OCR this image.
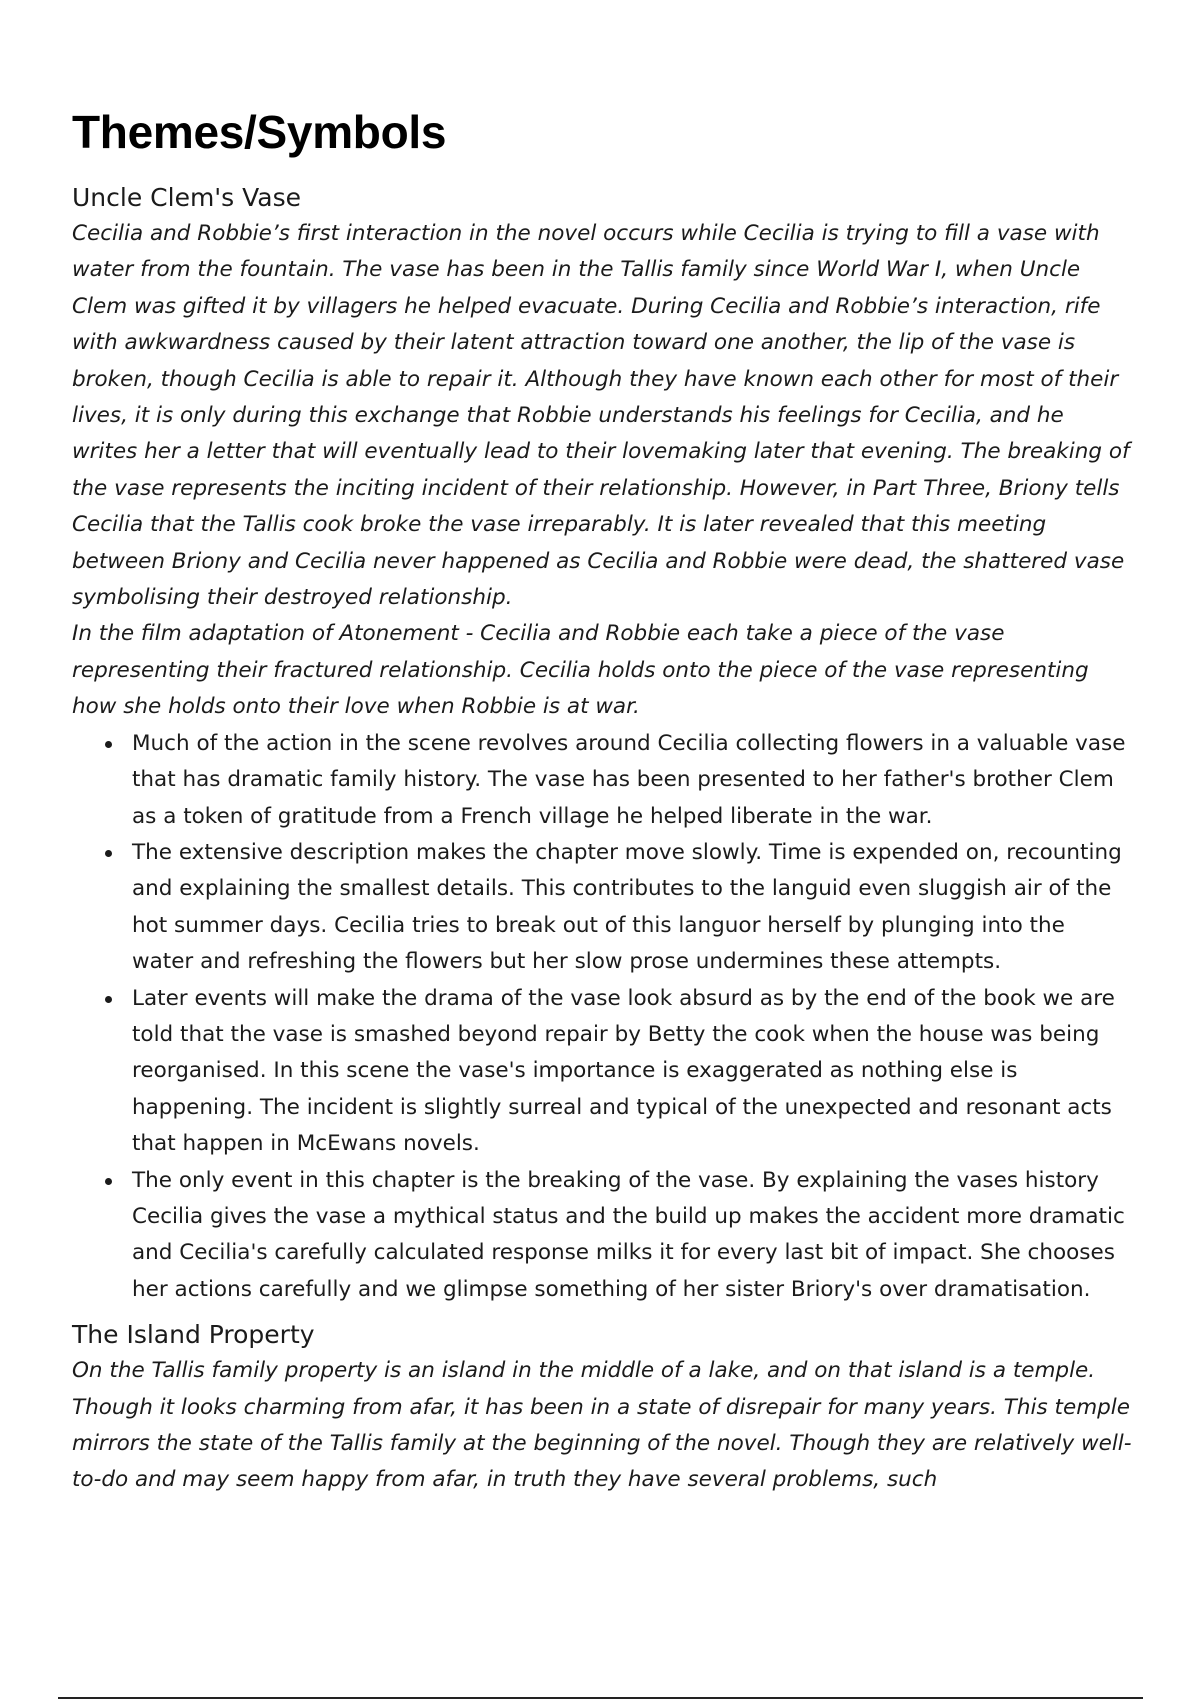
Themes/Symbols
Uncle Clem's Vase

Cecilia and Robbie’s first interaction in the novel occurs while Cecilia is trying to fill a vase with water from the fountain. The vase has been in the Tallis family since World War I, when Uncle Clem was gifted it by villagers he helped evacuate. During Cecilia and Robbie’s interaction, rife with awkwardness caused by their latent attraction toward one another, the lip of the vase is broken, though Cecilia is able to repair it. Although they have known each other for most of their lives, it is only during this exchange that Robbie understands his feelings for Cecilia, and he writes her a letter that will eventually lead to their lovemaking later that evening. The breaking of the vase represents the inciting incident of their relationship. However, in Part Three, Briony tells Cecilia that the Tallis cook broke the vase irreparably. It is later revealed that this meeting between Briony and Cecilia never happened as Cecilia and Robbie were dead, the shattered vase symbolising their destroyed relationship.

In the film adaptation of Atonement - Cecilia and Robbie each take a piece of the vase representing their fractured relationship. Cecilia holds onto the piece of the vase representing how she holds onto their love when Robbie is at war.

Much of the action in the scene revolves around Cecilia collecting flowers in a valuable vase that has dramatic family history. The vase has been presented to her father's brother Clem as a token of gratitude from a French village he helped liberate in the war.
The extensive description makes the chapter move slowly. Time is expended on, recounting and explaining the smallest details. This contributes to the languid even sluggish air of the hot summer days. Cecilia tries to break out of this languor herself by plunging into the water and refreshing the flowers but her slow prose undermines these attempts.
Later events will make the drama of the vase look absurd as by the end of the book we are told that the vase is smashed beyond repair by Betty the cook when the house was being reorganised. In this scene the vase's importance is exaggerated as nothing else is happening. The incident is slightly surreal and typical of the unexpected and resonant acts that happen in McEwans novels.
The only event in this chapter is the breaking of the vase. By explaining the vases history Cecilia gives the vase a mythical status and the build up makes the accident more dramatic and Cecilia's carefully calculated response milks it for every last bit of impact. She chooses her actions carefully and we glimpse something of her sister Briory's over dramatisation.
The Island Property

On the Tallis family property is an island in the middle of a lake, and on that island is a temple. Though it looks charming from afar, it has been in a state of disrepair for many years. This temple mirrors the state of the Tallis family at the beginning of the novel. Though they are relatively well-to-do and may seem happy from afar, in truth they have several problems, such
